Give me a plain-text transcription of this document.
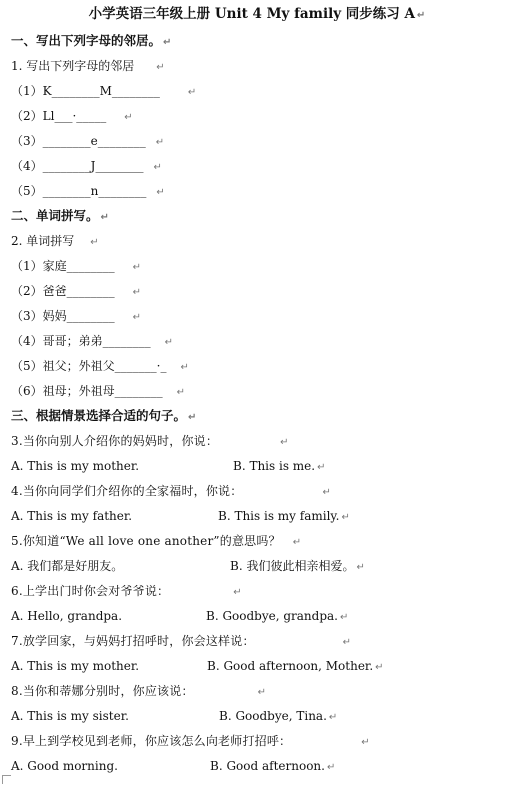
小学英语三年级上册 Unit 4 My family 同步练习 A ↵
一、写出下列字母的邻居。 ↵
1. 写出下列字母的邻居 ↵
（1）K________M________	↵
（2）Ll___·_____ ↵
（3）________e________ ↵
（4）________J________ ↵
（5）________n________ ↵
二、单词拼写。 ↵
2. 单词拼写 ↵
（1）家庭________ ↵
（2）爸爸________ ↵
（3）妈妈________ ↵
（4）哥哥；弟弟________ ↵
（5）祖父；外祖父_______·_ ↵
（6）祖母；外祖母________ ↵
三、根据情景选择合适的句子。 ↵
3.当你向别人介绍你的妈妈时，你说：	↵
A. This is my mother.	B. This is me. ↵
4.当你向同学们介绍你的全家福时，你说：	↵
A. This is my father.	B. This is my family. ↵
5.你知道“We all love one another”的意思吗？ ↵
A. 我们都是好朋友。	B. 我们彼此相亲相爱。 ↵
6.上学出门时你会对爷爷说：	↵
A. Hello, grandpa.	B. Goodbye, grandpa. ↵
7.放学回家，与妈妈打招呼时，你会这样说：	↵
A. This is my mother.	B. Good afternoon, Mother. ↵
8.当你和蒂娜分别时，你应该说：	↵
A. This is my sister.	B. Goodbye, Tina. ↵
9.早上到学校见到老师，你应该怎么向老师打招呼：	↵
A. Good morning.	B. Good afternoon. ↵
